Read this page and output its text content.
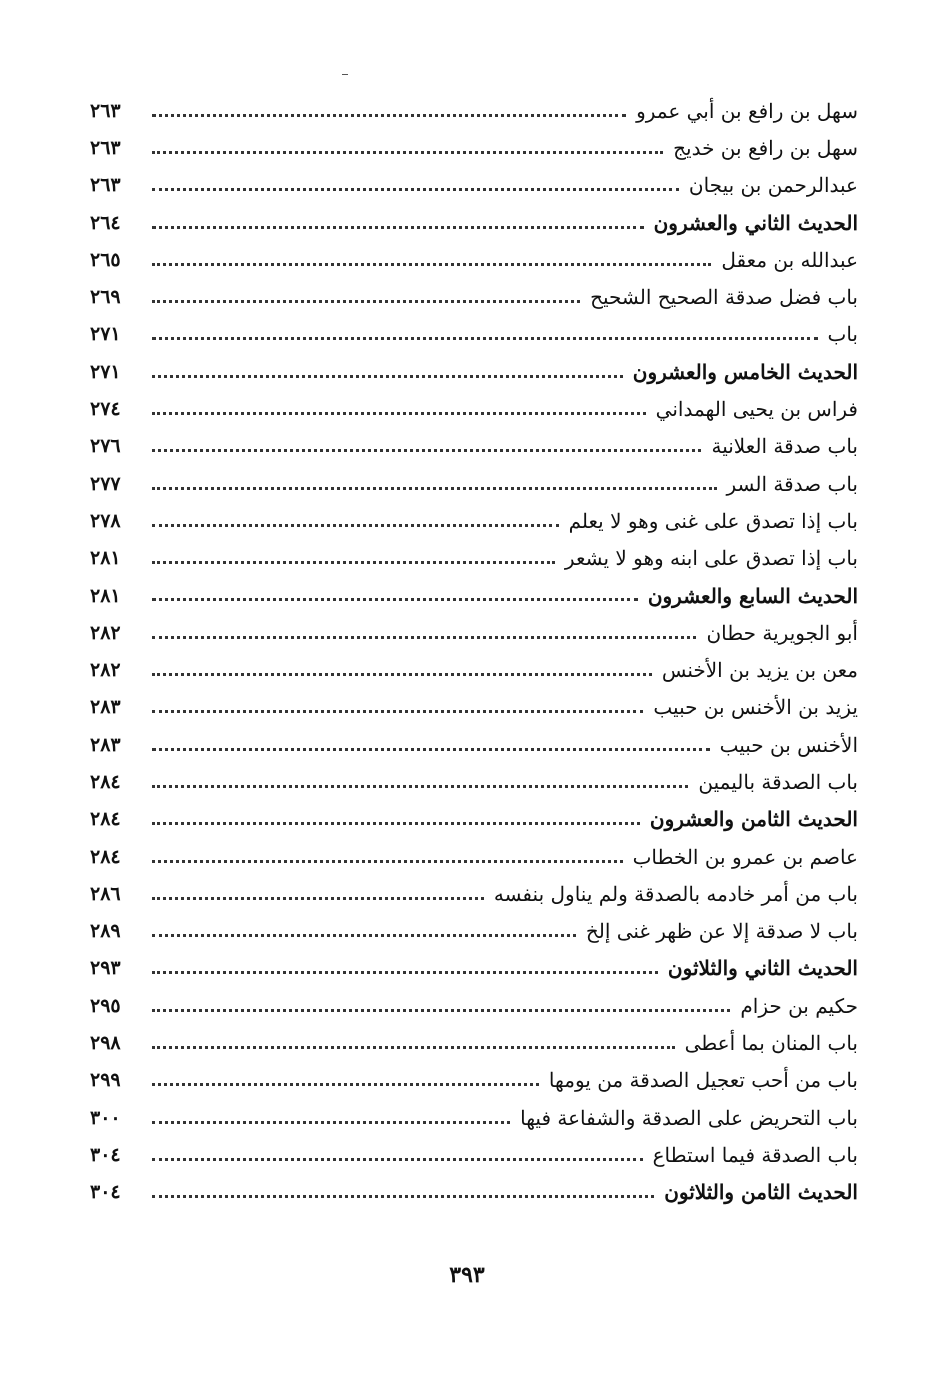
سهل بن رافع بن أبي عمرو
٢٦٣
سهل بن رافع بن خديج
٢٦٣
عبدالرحمن بن بيجان
٢٦٣
الحديث الثاني والعشرون
٢٦٤
عبدالله بن معقل
٢٦٥
باب فضل صدقة الصحيح الشحيح
٢٦٩
باب
٢٧١
الحديث الخامس والعشرون
٢٧١
فراس بن يحيى الهمداني
٢٧٤
باب صدقة العلانية
٢٧٦
باب صدقة السر
٢٧٧
باب إذا تصدق على غنى وهو لا يعلم
٢٧٨
باب إذا تصدق على ابنه وهو لا يشعر
٢٨١
الحديث السابع والعشرون
٢٨١
أبو الجويرية حطان
٢٨٢
معن بن يزيد بن الأخنس
٢٨٢
يزيد بن الأخنس بن حبيب
٢٨٣
الأخنس بن حبيب
٢٨٣
باب الصدقة باليمين
٢٨٤
الحديث الثامن والعشرون
٢٨٤
عاصم بن عمرو بن الخطاب
٢٨٤
باب من أمر خادمه بالصدقة ولم يناول بنفسه
٢٨٦
باب لا صدقة إلا عن ظهر غنى إلخ
٢٨٩
الحديث الثاني والثلاثون
٢٩٣
حكيم بن حزام
٢٩٥
باب المنان بما أعطى
٢٩٨
باب من أحب تعجيل الصدقة من يومها
٢٩٩
باب التحريض على الصدقة والشفاعة فيها
٣٠٠
باب الصدقة فيما استطاع
٣٠٤
الحديث الثامن والثلاثون
٣٠٤
٣٩٣
